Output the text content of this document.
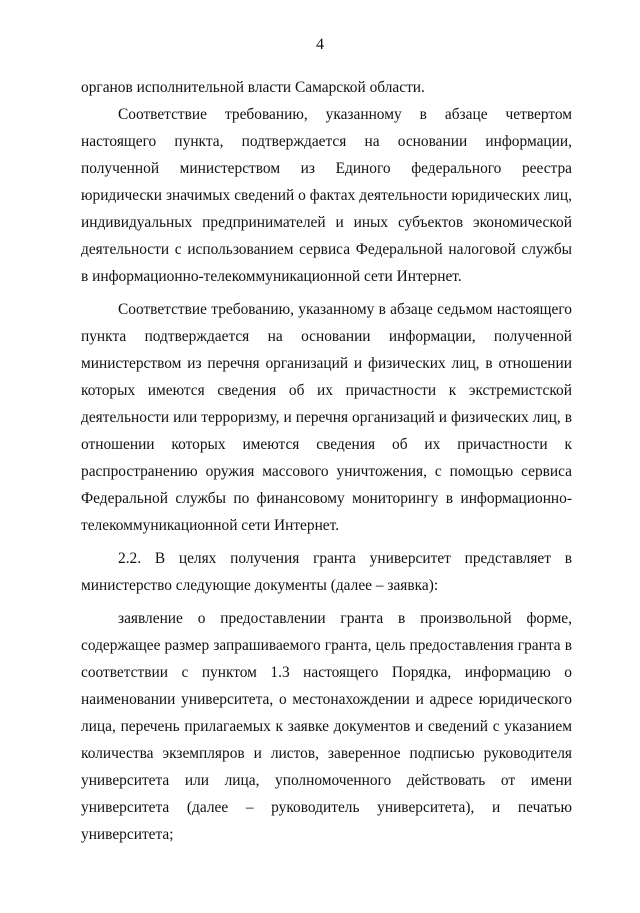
4

органов исполнительной власти Самарской области.

Соответствие требованию, указанному в абзаце четвертом настоящего пункта, подтверждается на основании информации, полученной министерством из Единого федерального реестра юридически значимых сведений о фактах деятельности юридических лиц, индивидуальных предпринимателей и иных субъектов экономической деятельности с использованием сервиса Федеральной налоговой службы в информационно-телекоммуникационной сети Интернет.

Соответствие требованию, указанному в абзаце седьмом настоящего пункта подтверждается на основании информации, полученной министерством из перечня организаций и физических лиц, в отношении которых имеются сведения об их причастности к экстремистской деятельности или терроризму, и перечня организаций и физических лиц, в отношении которых имеются сведения об их причастности к распространению оружия массового уничтожения, с помощью сервиса Федеральной службы по финансовому мониторингу в информационно-телекоммуникационной сети Интернет.

2.2. В целях получения гранта университет представляет в министерство следующие документы (далее – заявка):

заявление о предоставлении гранта в произвольной форме, содержащее размер запрашиваемого гранта, цель предоставления гранта в соответствии с пунктом 1.3 настоящего Порядка, информацию о наименовании университета, о местонахождении и адресе юридического лица, перечень прилагаемых к заявке документов и сведений с указанием количества экземпляров и листов, заверенное подписью руководителя университета или лица, уполномоченного действовать от имени университета (далее – руководитель университета), и печатью университета;
